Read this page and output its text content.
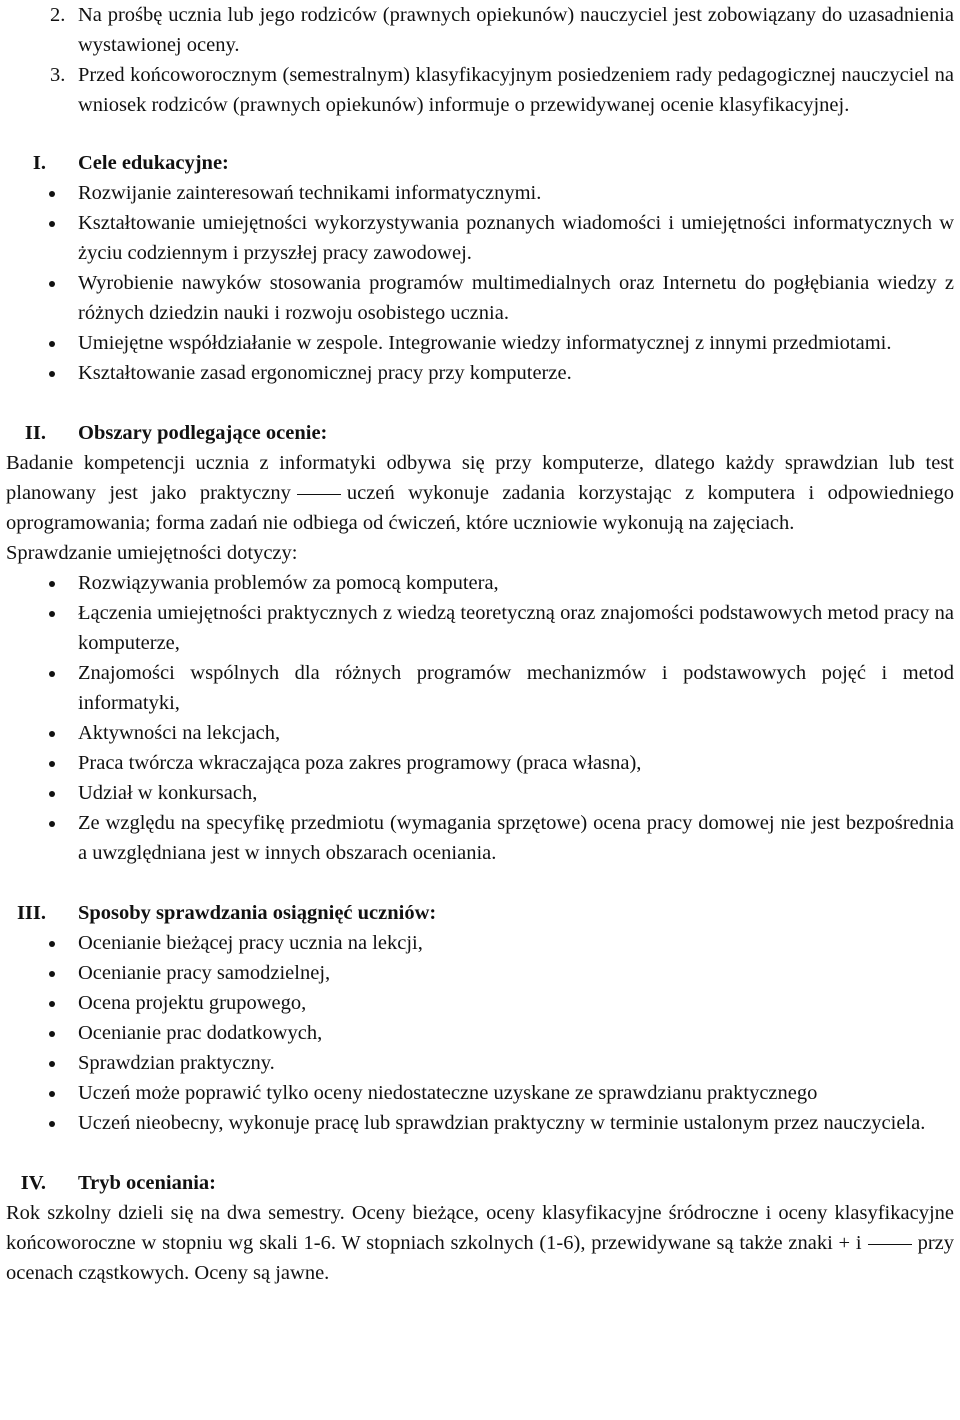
2. Na prośbę ucznia lub jego rodziców (prawnych opiekunów) nauczyciel jest zobowiązany do uzasadnienia wystawionej oceny.

3. Przed końcoworocznym (semestralnym) klasyfikacyjnym posiedzeniem rady pedagogicznej nauczyciel na wniosek rodziców (prawnych opiekunów) informuje o przewidywanej ocenie klasyfikacyjnej.

I. Cele edukacyjne:

Rozwijanie zainteresowań technikami informatycznymi.
Kształtowanie umiejętności wykorzystywania poznanych wiadomości i umiejętności informatycznych w życiu codziennym i przyszłej pracy zawodowej.
Wyrobienie nawyków stosowania programów multimedialnych oraz Internetu do pogłębiania wiedzy z różnych dziedzin nauki i rozwoju osobistego ucznia.
Umiejętne współdziałanie w zespole. Integrowanie wiedzy informatycznej z innymi przedmiotami.
Kształtowanie zasad ergonomicznej pracy przy komputerze.

II. Obszary podlegające ocenie:

Badanie kompetencji ucznia z informatyki odbywa się przy komputerze, dlatego każdy sprawdzian lub test planowany jest jako praktyczny	uczeń wykonuje zadania korzystając z komputera i odpowiedniego oprogramowania; forma zadań nie odbiega od ćwiczeń, które uczniowie wykonują na zajęciach.

Sprawdzanie umiejętności dotyczy:

Rozwiązywania problemów za pomocą komputera,
Łączenia umiejętności praktycznych z wiedzą teoretyczną oraz znajomości podstawowych metod pracy na komputerze,
Znajomości wspólnych dla różnych programów mechanizmów i podstawowych pojęć i metod informatyki,
Aktywności na lekcjach,
Praca twórcza wkraczająca poza zakres programowy (praca własna),
Udział w konkursach,
Ze względu na specyfikę przedmiotu (wymagania sprzętowe) ocena pracy domowej nie jest bezpośrednia a uwzględniana jest w innych obszarach oceniania.

III. Sposoby sprawdzania osiągnięć uczniów:

Ocenianie bieżącej pracy ucznia na lekcji,
Ocenianie pracy samodzielnej,
Ocena projektu grupowego,
Ocenianie prac dodatkowych,
Sprawdzian praktyczny.
Uczeń może poprawić tylko oceny niedostateczne uzyskane ze sprawdzianu praktycznego
Uczeń nieobecny, wykonuje pracę lub sprawdzian praktyczny w terminie ustalonym przez nauczyciela.

IV. Tryb oceniania:

Rok szkolny dzieli się na dwa semestry. Oceny bieżące, oceny klasyfikacyjne śródroczne i oceny klasyfikacyjne końcoworoczne w stopniu wg skali 1-6. W stopniach szkolnych (1-6), przewidywane są także znaki + i	przy ocenach cząstkowych. Oceny są jawne.
